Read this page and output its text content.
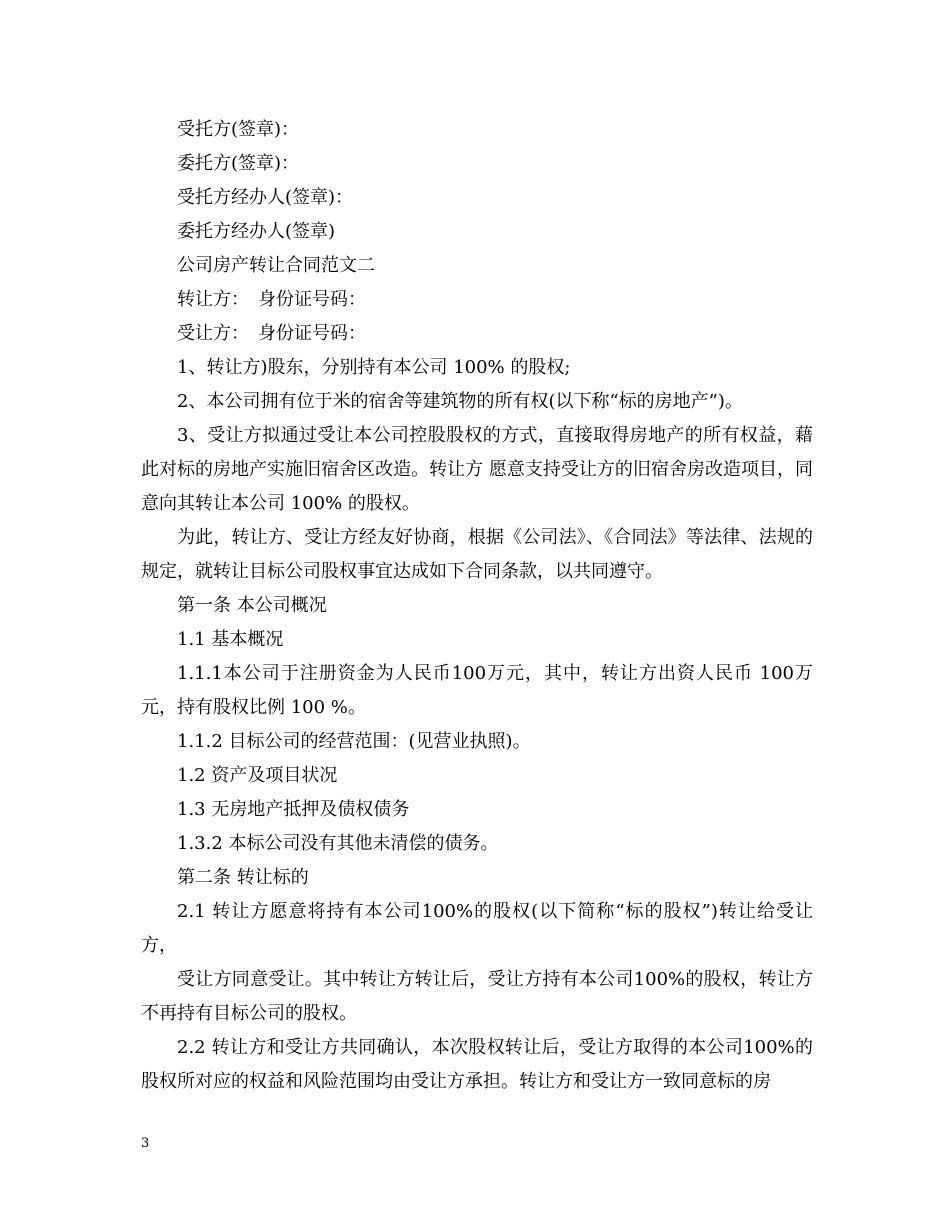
受托方(签章)：

委托方(签章)：

受托方经办人(签章)：

委托方经办人(签章)

公司房产转让合同范文二

转让方：　身份证号码：

受让方：　身份证号码：

1、转让方)股东，分别持有本公司 100% 的股权;

2、本公司拥有位于米的宿舍等建筑物的所有权(以下称“标的房地产”)。

3、受让方拟通过受让本公司控股股权的方式，直接取得房地产的所有权益，藉此对标的房地产实施旧宿舍区改造。转让方 愿意支持受让方的旧宿舍房改造项目，同意向其转让本公司 100% 的股权。

为此，转让方、受让方经友好协商，根据《公司法》、《合同法》等法律、法规的规定，就转让目标公司股权事宜达成如下合同条款，以共同遵守。

第一条 本公司概况

1.1 基本概况

1.1.1本公司于注册资金为人民币100万元，其中，转让方出资人民币 100万元，持有股权比例 100 %。

1.1.2 目标公司的经营范围：(见营业执照)。

1.2 资产及项目状况

1.3 无房地产抵押及债权债务

1.3.2 本标公司没有其他未清偿的债务。

第二条 转让标的

2.1 转让方愿意将持有本公司100%的股权(以下简称“标的股权”)转让给受让方，

受让方同意受让。其中转让方转让后，受让方持有本公司100%的股权，转让方不再持有目标公司的股权。

2.2 转让方和受让方共同确认，本次股权转让后，受让方取得的本公司100%的股权所对应的权益和风险范围均由受让方承担。转让方和受让方一致同意标的房

3
